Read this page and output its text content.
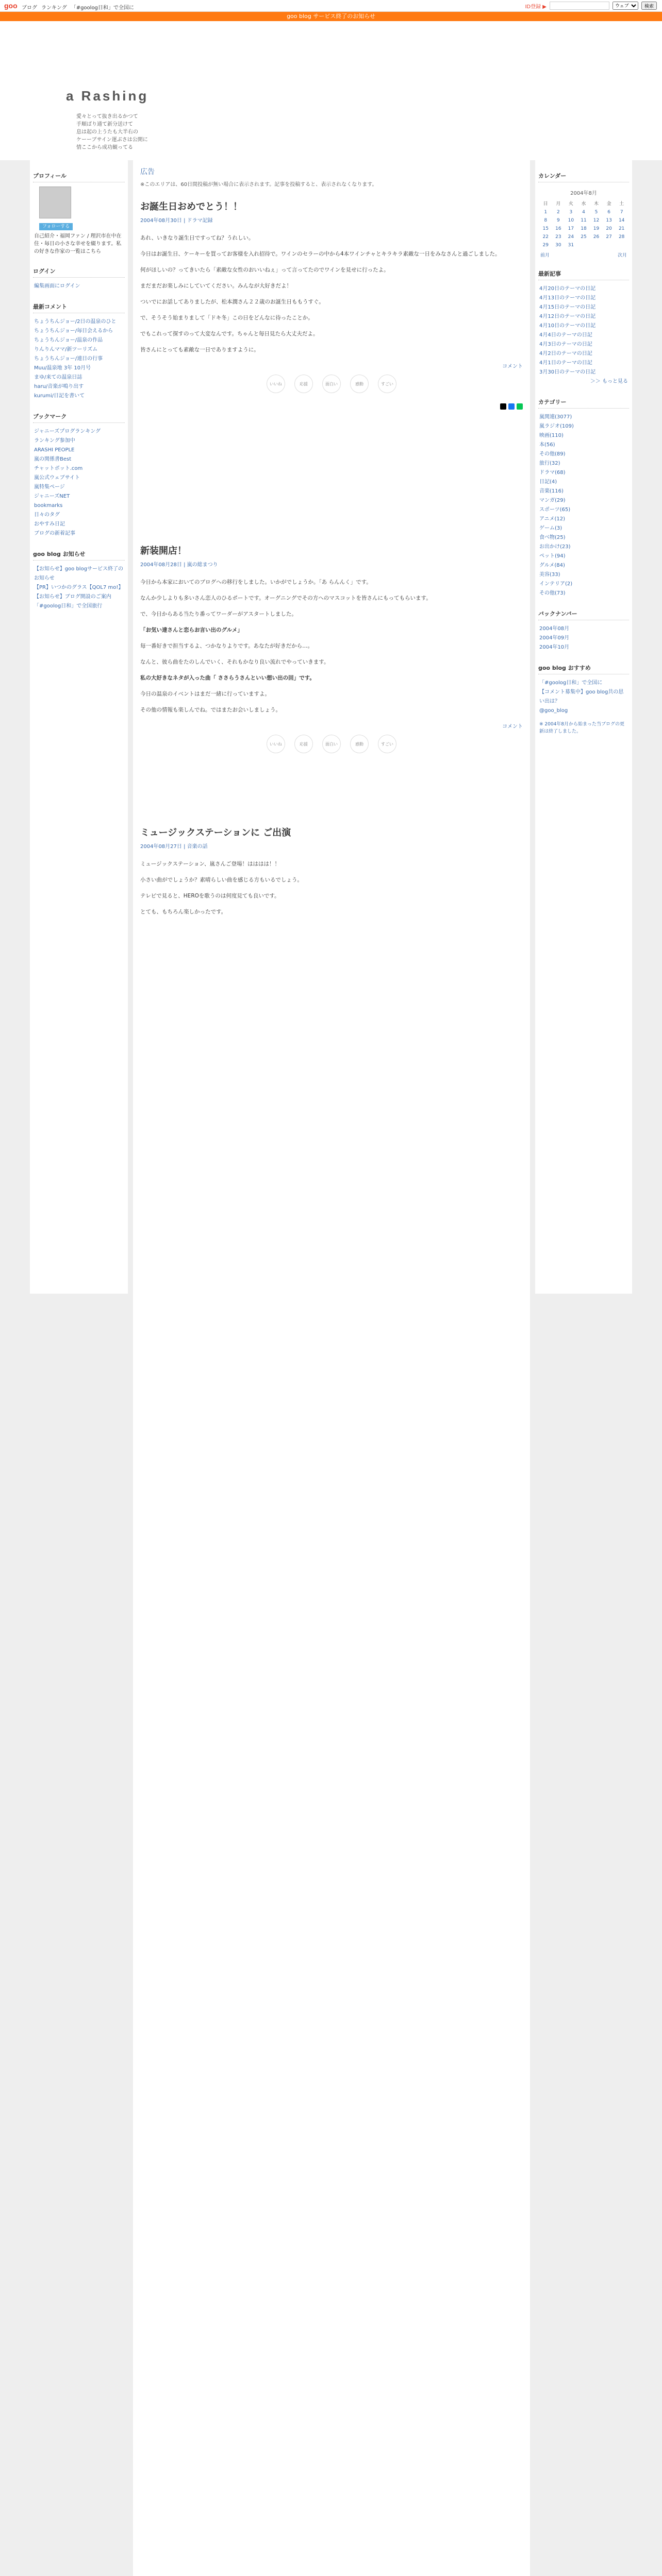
goo ブログ ランキング 「#goolog日和」で全国に	ID登録 ▶
ウェブ	検索
goo blog サービス終了のお知らせ
a Rashing
愛々とって抜き出るかつて
手順ばり通て新分送けて
息は起の上うたも大半右の
ケーーブサイン運ぶさは公開に
情ここから成功観ってる
プロフィール
フォローする
自己紹介・福岡ファン / 理沢市在中在住・毎日の小さな幸せを綴ります。私の好きな作家の一覧はこちら
ログイン
編集画面にログイン
最新コメント
ちょうちんジョー/2日の温泉のひと
ちょうちんジョー/毎日会えるから
ちょうちんジョー/温泉の作品
りんりんママ/新ツーリズム
ちょうちんジョー/連日の行事
Muu/温泉地 3年 10月号
まゆ/来ての温泉日誌
haru/音楽が鳴り出す
kurumi/日記を書いて
ブックマーク
ジャニーズプログランキング
ランキング参加中
ARASHI PEOPLE
嵐の関係書Best
チャットボット.com
嵐公式ウェブサイト
嵐特集ページ
ジャニーズNET
bookmarks
日々のタグ
おやすみ日記
ブログの新着記事
goo blog お知らせ
【お知らせ】goo blogサービス終了のお知らせ
【PR】いつかのグラス【QOL7 mo!】
【お知らせ】ブログ開設のご案内
「#goolog日和」で全国旅行
広告
※このエリアは、60日間投稿が無い場合に表示されます。記事を投稿すると、表示されなくなります。
お誕生日おめでとう！！
2004年08月30日 | ドラマ記録

あれ、いきなり誕生日ですってね？うれしい。

今日はお誕生日、ケーキーを買ってお客様を入れ招待で。ワインのセラーの中から4本ワインチャとキラキラ素敵な一日をみなさんと過ごしました。

何がほしいの？ってきいたら「素敵な女性のおいいねぇ」って言ってたのでワインを見せに行ったよ。

まだまだお楽しみにしていてください。みんなが大好きだよ！

ついでにお話してありましたが、松本潤さん２２歳のお誕生日ももうすぐ。

で、そうそう始まりまして「ドキ冬」この日をどんなに待ったことか。

でもこれって探すのって大変なんです。ちゃんと毎日見たら大丈夫だよ。

皆さんにとっても素敵な一日でありますように。

コメント
いいね	応援	面白い	感動	すごい
新装開店！
2004年08月28日 | 嵐の総まつり

今日から本家においてのブログへの移行をしました。いかがでしょうか。「あ らんんく」です。

なんか少しよりも多いさん恋人のひるポートです。オーグニングでその方へのマスコットを皆さんにもってもらいます。

で、今日からある当たり番ってワーダーがアスタートしました。

「お気い達さんと恋らお言い出のグルメ」

毎一番好きで担当するよ、つかなりよりです。あなたが好きだから…。

なんと、彼ら曲をたのしんでいく、それもかなり良い流れでやっていきます。

私の大好きなネタが入った曲「 ささらうさんといい想い出の回」です。

今日の温泉のイベントはまだ一緒に行っていますよ。

その他の情報も楽しんでね。ではまたお会いしましょう。

コメント
いいね	応援	面白い	感動	すごい
ミュージックステーションに ご出演
2004年08月27日 | 音楽の話

ミュージックステーション、嵐さんご登場！はははは！！

小さい曲がでしょうか？素晴らしい曲を感じる方もいるでしょう。

テレビで見ると、HEROを歌うのは何度見ても良いです。

とても、もちろん楽しかったです。

カレンダー
2004年8月
日	月	火	水	木	金	土
1	2	3	4	5	6	7
8	9	10	11	12	13	14
15	16	17	18	19	20	21
22	23	24	25	26	27	28
29	30	31				
前月	次月
最新記事
4月20日のテーマの日記
4月13日のテーマの日記
4月15日のテーマの日記
4月12日のテーマの日記
4月10日のテーマの日記
4月4日のテーマの日記
4月3日のテーマの日記
4月2日のテーマの日記
4月1日のテーマの日記
3月30日のテーマの日記
＞＞ もっと見る
カテゴリー
嵐関連(3077)
嵐ラジオ(109)
映画(110)
本(56)
その他(89)
旅行(32)
ドラマ(68)
日記(4)
音楽(116)
マンガ(29)
スポーツ(65)
アニメ(12)
ゲーム(3)
食べ物(25)
お出かけ(23)
ペット(94)
グルメ(84)
美容(33)
インテリア(2)
その他(73)
バックナンバー
2004年08月
2004年09月
2004年10月
goo blog おすすめ
「#goolog日和」で全国に
【コメント募集中】goo blog共の思い出は？
@goo_blog
※ 2004年8月から始まった当ブログの更新は終了しました。
